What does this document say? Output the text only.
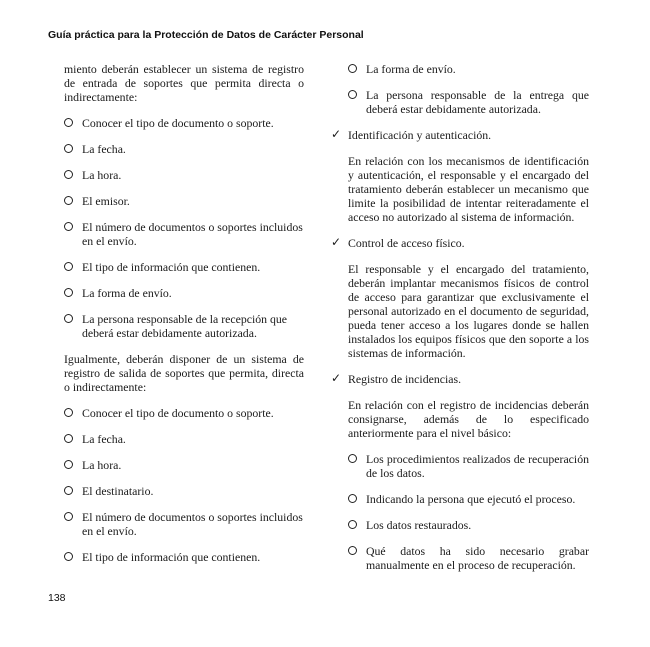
Guía práctica para la Protección de Datos de Carácter Personal

miento deberán establecer un sistema de registro de entrada de soportes que permita directa o indirectamente:

Conocer el tipo de documento o soporte.
La fecha.
La hora.
El emisor.
El número de documentos o soportes incluidos en el envío.
El tipo de información que contienen.
La forma de envío.
La persona responsable de la recepción que deberá estar debidamente autorizada.

Igualmente, deberán disponer de un sistema de registro de salida de soportes que permita, directa o indirectamente:

Conocer el tipo de documento o soporte.
La fecha.
La hora.
El destinatario.
El número de documentos o soportes incluidos en el envío.
El tipo de información que contienen.
La forma de envío.
La persona responsable de la entrega que deberá estar debidamente autorizada.
✓ Identificación y autenticación.

En relación con los mecanismos de identificación y autenticación, el responsable y el encargado del tratamiento deberán establecer un mecanismo que limite la posibilidad de intentar reiteradamente el acceso no autorizado al sistema de información.

✓ Control de acceso físico.

El responsable y el encargado del tratamiento, deberán implantar mecanismos físicos de control de acceso para garantizar que exclusivamente el personal autorizado en el documento de seguridad, pueda tener acceso a los lugares donde se hallen instalados los equipos físicos que den soporte a los sistemas de información.

✓ Registro de incidencias.

En relación con el registro de incidencias deberán consignarse, además de lo especificado anteriormente para el nivel básico:

Los procedimientos realizados de recuperación de los datos.
Indicando la persona que ejecutó el proceso.
Los datos restaurados.
Qué datos ha sido necesario grabar manualmente en el proceso de recuperación.
138
